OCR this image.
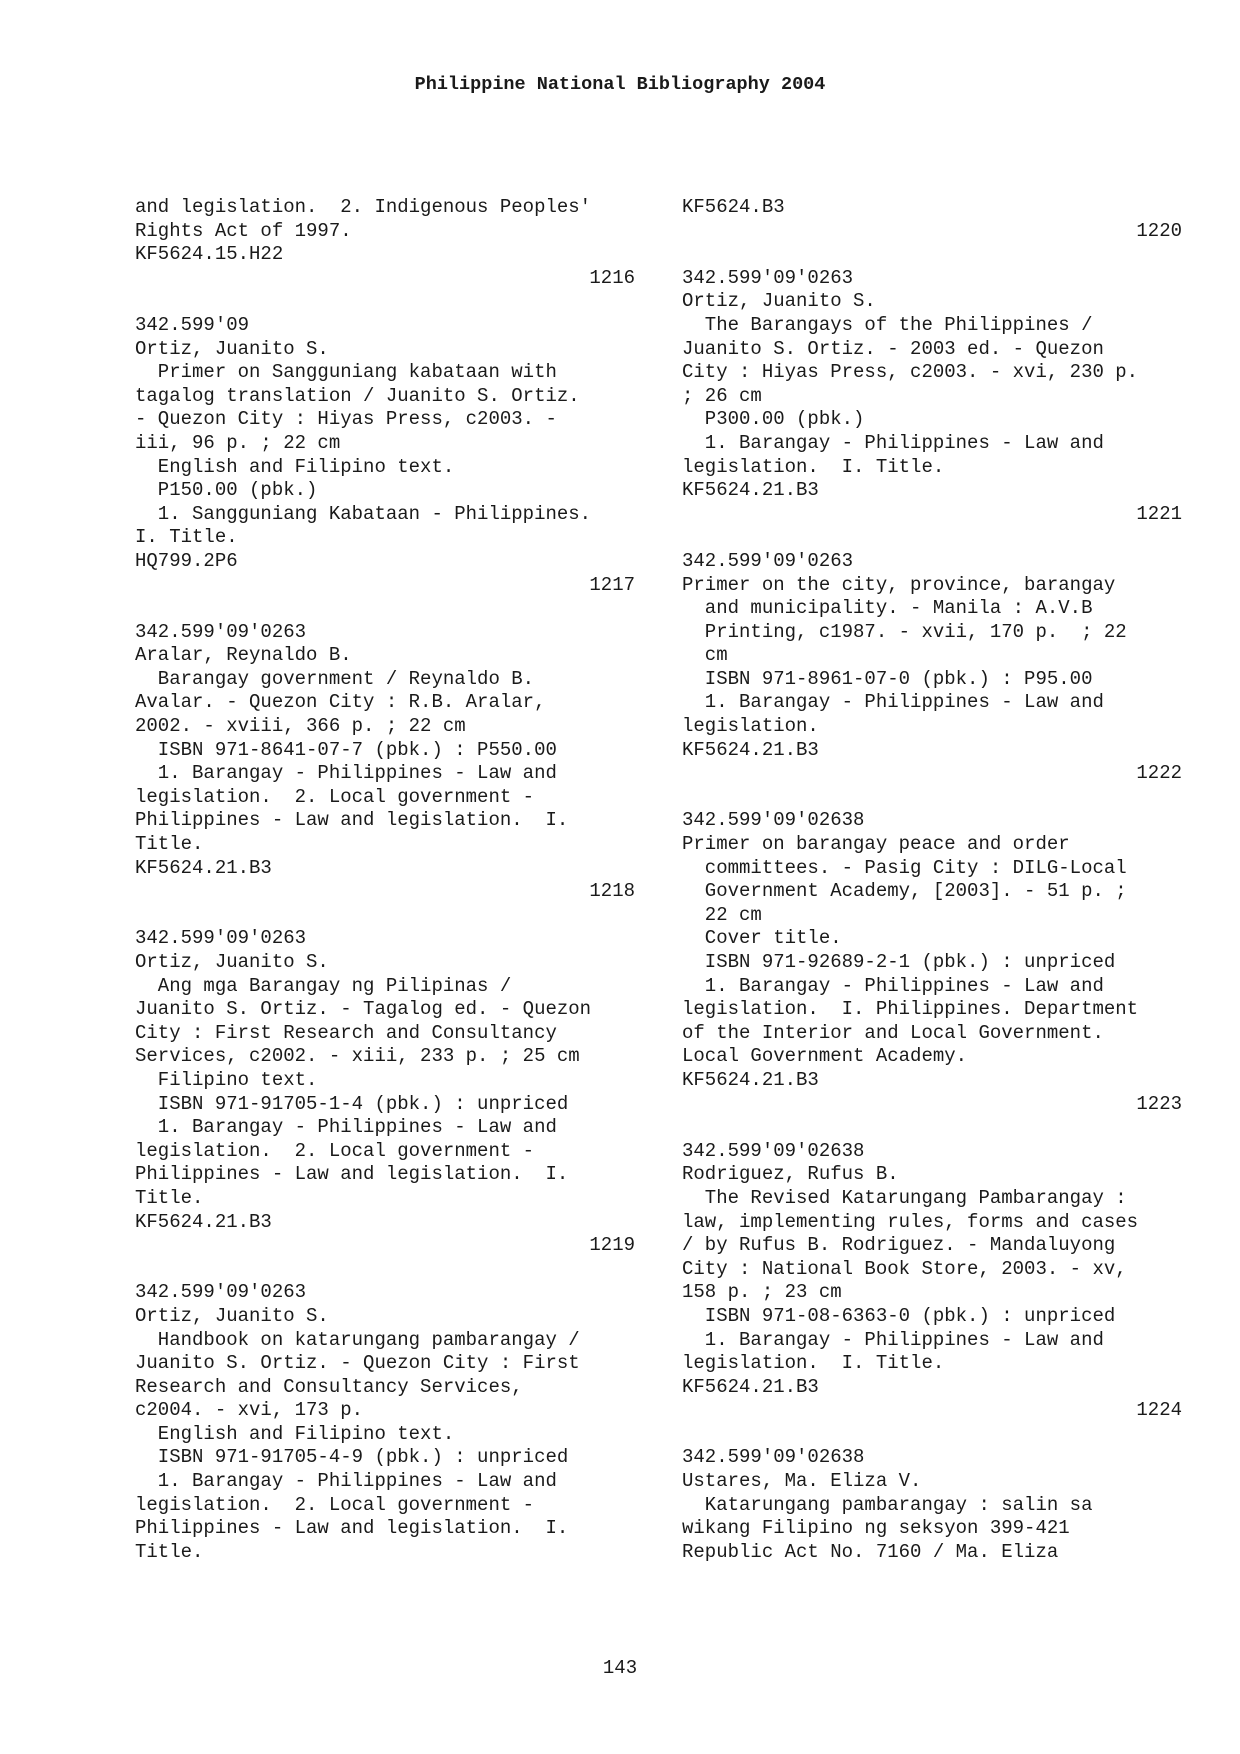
Philippine National Bibliography 2004
and legislation.  2. Indigenous Peoples'
Rights Act of 1997.
KF5624.15.H22
1216
342.599'09
Ortiz, Juanito S.
Primer on Sangguniang kabataan with
tagalog translation / Juanito S. Ortiz.
- Quezon City : Hiyas Press, c2003. -
iii, 96 p. ; 22 cm
English and Filipino text.
P150.00 (pbk.)
1. Sangguniang Kabataan - Philippines.
I. Title.
HQ799.2P6
1217
342.599'09'0263
Aralar, Reynaldo B.
Barangay government / Reynaldo B.
Avalar. - Quezon City : R.B. Aralar,
2002. - xviii, 366 p. ; 22 cm
ISBN 971-8641-07-7 (pbk.) : P550.00
1. Barangay - Philippines - Law and
legislation.  2. Local government -
Philippines - Law and legislation.  I.
Title.
KF5624.21.B3
1218
342.599'09'0263
Ortiz, Juanito S.
Ang mga Barangay ng Pilipinas /
Juanito S. Ortiz. - Tagalog ed. - Quezon
City : First Research and Consultancy
Services, c2002. - xiii, 233 p. ; 25 cm
Filipino text.
ISBN 971-91705-1-4 (pbk.) : unpriced
1. Barangay - Philippines - Law and
legislation.  2. Local government -
Philippines - Law and legislation.  I.
Title.
KF5624.21.B3
1219
342.599'09'0263
Ortiz, Juanito S.
Handbook on katarungang pambarangay /
Juanito S. Ortiz. - Quezon City : First
Research and Consultancy Services,
c2004. - xvi, 173 p.
English and Filipino text.
ISBN 971-91705-4-9 (pbk.) : unpriced
1. Barangay - Philippines - Law and
legislation.  2. Local government -
Philippines - Law and legislation.  I.
Title.
KF5624.B3
1220
342.599'09'0263
Ortiz, Juanito S.
The Barangays of the Philippines /
Juanito S. Ortiz. - 2003 ed. - Quezon
City : Hiyas Press, c2003. - xvi, 230 p.
; 26 cm
P300.00 (pbk.)
1. Barangay - Philippines - Law and
legislation.  I. Title.
KF5624.21.B3
1221
342.599'09'0263
Primer on the city, province, barangay
and municipality. - Manila : A.V.B
Printing, c1987. - xvii, 170 p.  ; 22
cm
ISBN 971-8961-07-0 (pbk.) : P95.00
1. Barangay - Philippines - Law and
legislation.
KF5624.21.B3
1222
342.599'09'02638
Primer on barangay peace and order
committees. - Pasig City : DILG-Local
Government Academy, [2003]. - 51 p. ;
22 cm
Cover title.
ISBN 971-92689-2-1 (pbk.) : unpriced
1. Barangay - Philippines - Law and
legislation.  I. Philippines. Department
of the Interior and Local Government.
Local Government Academy.
KF5624.21.B3
1223
342.599'09'02638
Rodriguez, Rufus B.
The Revised Katarungang Pambarangay :
law, implementing rules, forms and cases
/ by Rufus B. Rodriguez. - Mandaluyong
City : National Book Store, 2003. - xv,
158 p. ; 23 cm
ISBN 971-08-6363-0 (pbk.) : unpriced
1. Barangay - Philippines - Law and
legislation.  I. Title.
KF5624.21.B3
1224
342.599'09'02638
Ustares, Ma. Eliza V.
Katarungang pambarangay : salin sa
wikang Filipino ng seksyon 399-421
Republic Act No. 7160 / Ma. Eliza
143
